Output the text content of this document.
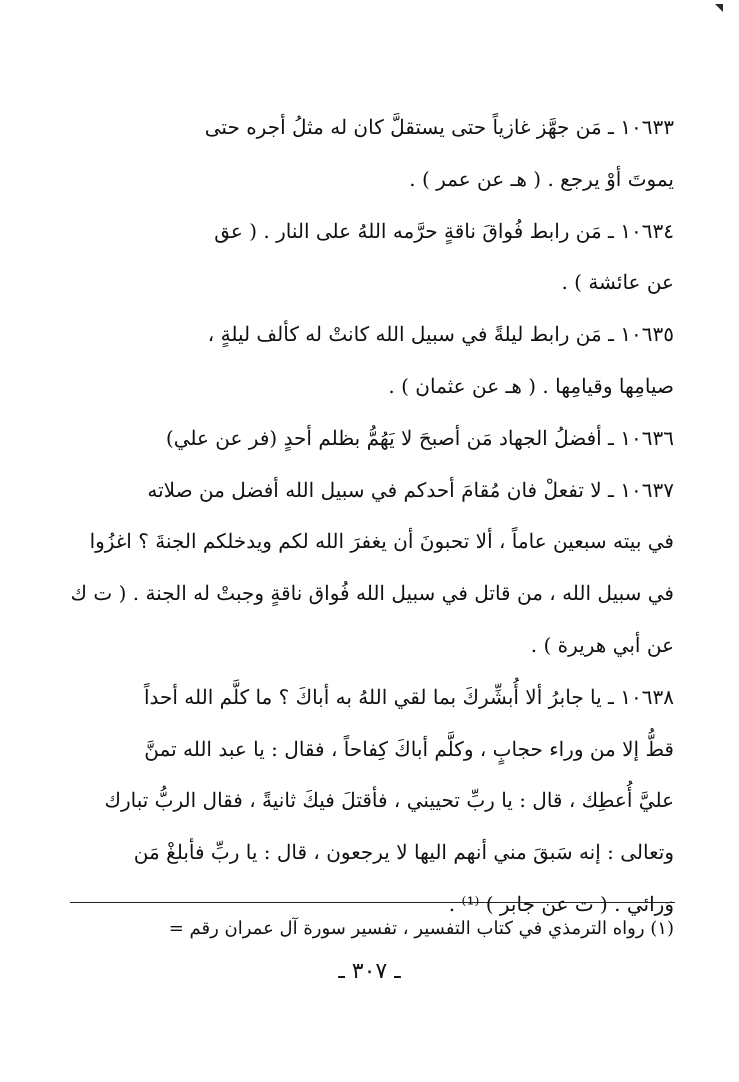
١٠٦٣٣ ـ مَن جهَّز غازياً حتى يستقلَّ كان له مثلُ أجره حتى
يموتَ أوْ يرجع . ( هـ عن عمر ) .
١٠٦٣٤ ـ مَن رابط فُواقَ ناقةٍ حرَّمه اللهُ على النار . ( عق
عن عائشة ) .
١٠٦٣٥ ـ مَن رابط ليلةً في سبيل الله كانتْ له كألف ليلةٍ ،
صيامِها وقيامِها . ( هـ عن عثمان ) .
١٠٦٣٦ ـ أفضلُ الجهاد مَن أصبحَ لا يَهُمُّ بظلم أحدٍ (فر عن علي)
١٠٦٣٧ ـ لا تفعلْ فان مُقامَ أحدكم في سبيل الله أفضل من صلاته
في بيته سبعين عاماً ، ألا تحبونَ أن يغفرَ الله لكم ويدخلكم الجنةَ ؟ اغزُوا
في سبيل الله ، من قاتل في سبيل الله فُواق ناقةٍ وجبتْ له الجنة . ( ت ك
عن أبي هريرة ) .
١٠٦٣٨ ـ يا جابرُ ألا أُبشِّركَ بما لقي اللهُ به أباكَ ؟ ما كلَّم الله أحداً
قطُّ إلا من وراء حجابٍ ، وكلَّم أباكَ كِفاحاً ، فقال : يا عبد الله تمنَّ
عليَّ أُعطِك ، قال : يا ربِّ تحييني ، فأقتلَ فيكَ ثانيةً ، فقال الربُّ تبارك
وتعالى : إنه سَبقَ مني أنهم اليها لا يرجعون ، قال : يا ربِّ فأبلغْ مَن
وَرائي . ( ت عن جابر ) ⁽¹⁾ .
(١) رواه الترمذي في كتاب التفسير ، تفسير سورة آل عمران رقم =
ـ ٣٠٧ ـ
